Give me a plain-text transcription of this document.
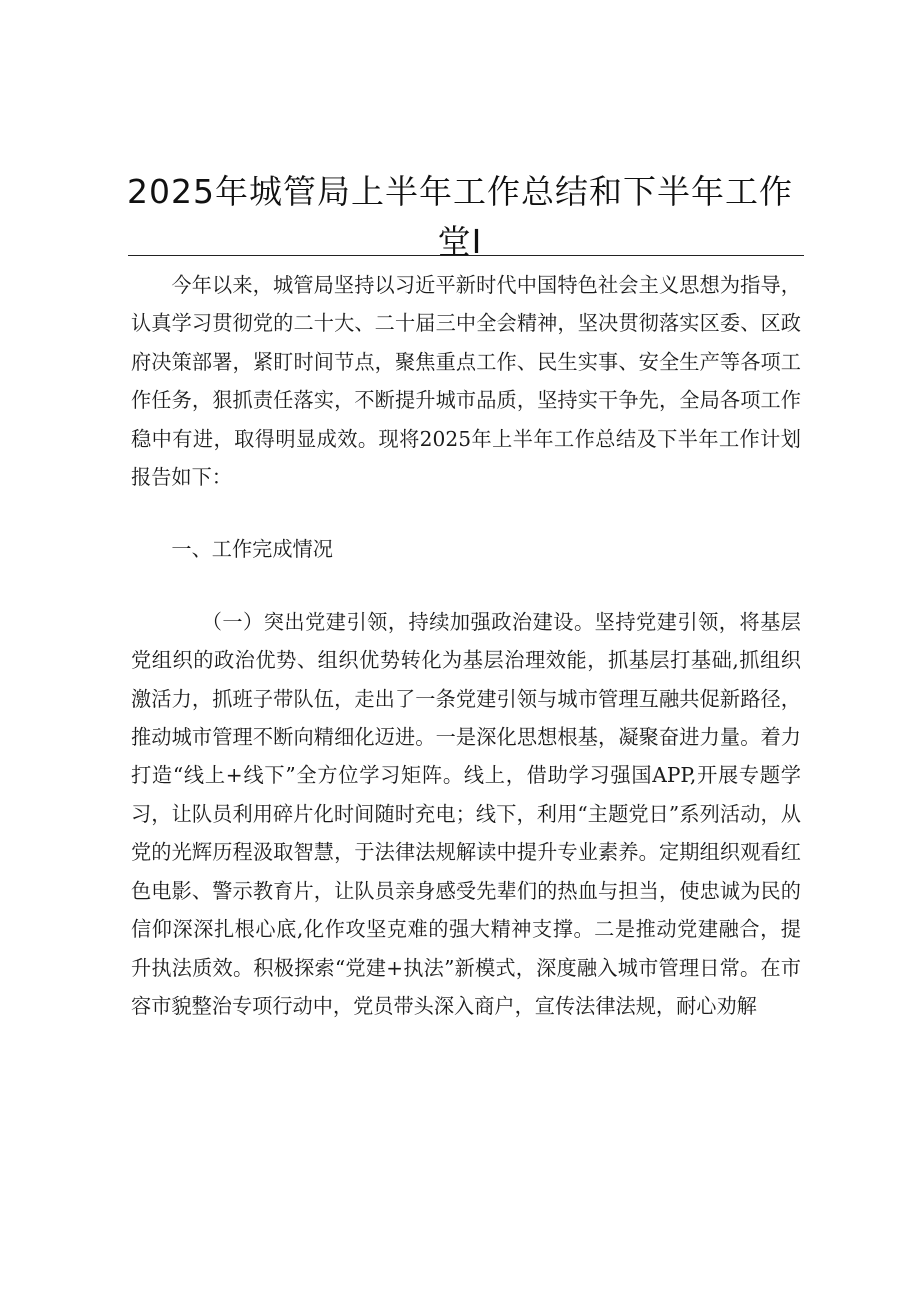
2025年城管局上半年工作总结和下半年工作
堂I

今年以来，城管局坚持以习近平新时代中国特色社会主义思想为指导，认真学习贯彻党的二十大、二十届三中全会精神，坚决贯彻落实区委、区政府决策部署，紧盯时间节点，聚焦重点工作、民生实事、安全生产等各项工作任务，狠抓责任落实，不断提升城市品质，坚持实干争先，全局各项工作稳中有进，取得明显成效。现将2025年上半年工作总结及下半年工作计划报告如下：

一、工作完成情况

（一）突出党建引领，持续加强政治建设。坚持党建引领，将基层党组织的政治优势、组织优势转化为基层治理效能，抓基层打基础,抓组织激活力，抓班子带队伍，走出了一条党建引领与城市管理互融共促新路径，推动城市管理不断向精细化迈进。一是深化思想根基，凝聚奋进力量。着力打造“线上+线下”全方位学习矩阵。线上，借助学习强国APP,开展专题学习，让队员利用碎片化时间随时充电；线下，利用“主题党日”系列活动，从党的光辉历程汲取智慧，于法律法规解读中提升专业素养。定期组织观看红色电影、警示教育片，让队员亲身感受先辈们的热血与担当，使忠诚为民的信仰深深扎根心底,化作攻坚克难的强大精神支撑。二是推动党建融合，提升执法质效。积极探索“党建+执法”新模式，深度融入城市管理日常。在市容市貌整治专项行动中，党员带头深入商户，宣传法律法规，耐心劝解
